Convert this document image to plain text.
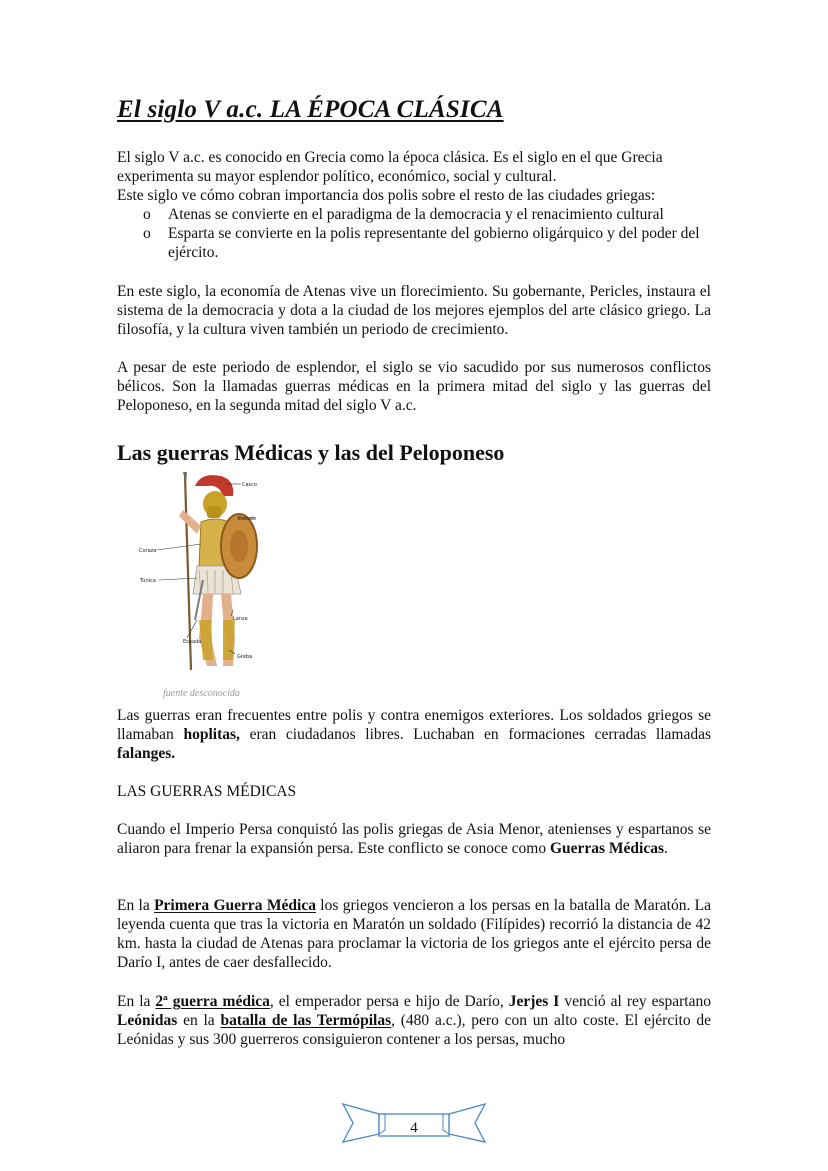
El siglo V a.c. LA ÉPOCA CLÁSICA

El siglo V a.c. es conocido en Grecia como la época clásica. Es el siglo en el que Grecia experimenta su mayor esplendor político, económico, social y cultural.

Este siglo ve cómo cobran importancia dos polis sobre el resto de las ciudades griegas:

o Atenas se convierte en el paradigma de la democracia y el renacimiento cultural
o Esparta se convierte en la polis representante del gobierno oligárquico y del poder del ejército.

En este siglo, la economía de Atenas vive un florecimiento. Su gobernante, Pericles, instaura el sistema de la democracia y dota a la ciudad de los mejores ejemplos del arte clásico griego. La filosofía, y la cultura viven también un periodo de crecimiento.

A pesar de este periodo de esplendor, el siglo se vio sacudido por sus numerosos conflictos bélicos. Son la llamadas guerras médicas en la primera mitad del siglo y las guerras del Peloponeso, en la segunda mitad del siglo V a.c.

Las guerras Médicas y las del Peloponeso
Casco
Escudo
Coraza
Túnica
Lanza
Espada
Greba
fuente desconocida

Las guerras eran frecuentes entre polis y contra enemigos exteriores. Los soldados griegos se llamaban hoplitas, eran ciudadanos libres. Luchaban en formaciones cerradas llamadas falanges.

LAS GUERRAS MÉDICAS

Cuando el Imperio Persa conquistó las polis griegas de Asia Menor, atenienses y espartanos se aliaron para frenar la expansión persa. Este conflicto se conoce como Guerras Médicas.

En la Primera Guerra Médica los griegos vencieron a los persas en la batalla de Maratón. La leyenda cuenta que tras la victoria en Maratón un soldado (Filípides) recorrió la distancia de 42 km. hasta la ciudad de Atenas para proclamar la victoria de los griegos ante el ejército persa de Darío I, antes de caer desfallecido.

En la 2ª guerra médica, el emperador persa e hijo de Darío, Jerjes I venció al rey espartano Leónidas en la batalla de las Termópilas, (480 a.c.), pero con un alto coste. El ejército de Leónidas y sus 300 guerreros consiguieron contener a los persas, mucho

4
